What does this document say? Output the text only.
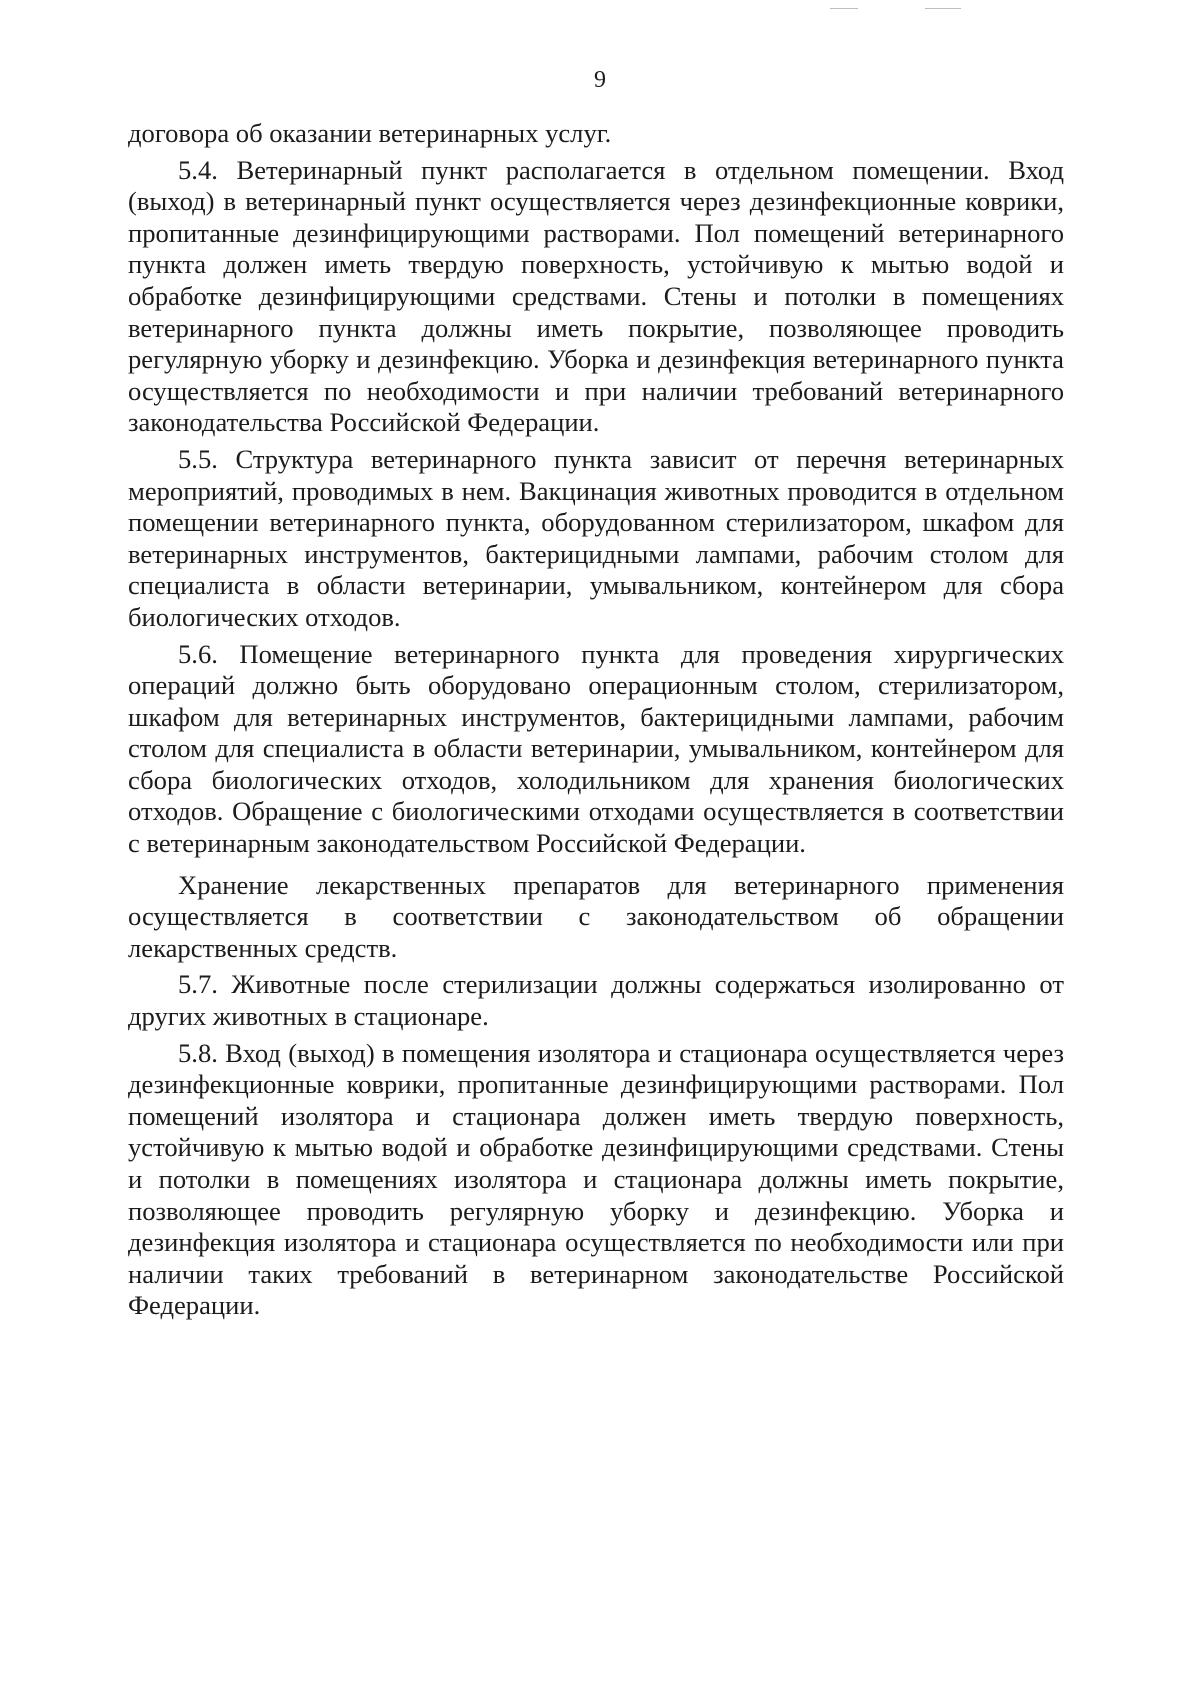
9

договора об оказании ветеринарных услуг.

5.4. Ветеринарный пункт располагается в отдельном помещении. Вход (выход) в ветеринарный пункт осуществляется через дезинфекционные коврики, пропитанные дезинфицирующими растворами. Пол помещений ветеринарного пункта должен иметь твердую поверхность, устойчивую к мытью водой и обработке дезинфицирующими средствами. Стены и потолки в помещениях ветеринарного пункта должны иметь покрытие, позволяющее проводить регулярную уборку и дезинфекцию. Уборка и дезинфекция ветеринарного пункта осуществляется по необходимости и при наличии требований ветеринарного законодательства Российской Федерации.

5.5. Структура ветеринарного пункта зависит от перечня ветеринарных мероприятий, проводимых в нем. Вакцинация животных проводится в отдельном помещении ветеринарного пункта, оборудованном стерилизатором, шкафом для ветеринарных инструментов, бактерицидными лампами, рабочим столом для специалиста в области ветеринарии, умывальником, контейнером для сбора биологических отходов.

5.6. Помещение ветеринарного пункта для проведения хирургических операций должно быть оборудовано операционным столом, стерилизатором, шкафом для ветеринарных инструментов, бактерицидными лампами, рабочим столом для специалиста в области ветеринарии, умывальником, контейнером для сбора биологических отходов, холодильником для хранения биологических отходов. Обращение с биологическими отходами осуществляется в соответствии с ветеринарным законодательством Российской Федерации.

Хранение лекарственных препаратов для ветеринарного применения осуществляется в соответствии с законодательством об обращении лекарственных средств.

5.7. Животные после стерилизации должны содержаться изолированно от других животных в стационаре.

5.8. Вход (выход) в помещения изолятора и стационара осуществляется через дезинфекционные коврики, пропитанные дезинфицирующими растворами. Пол помещений изолятора и стационара должен иметь твердую поверхность, устойчивую к мытью водой и обработке дезинфицирующими средствами. Стены и потолки в помещениях изолятора и стационара должны иметь покрытие, позволяющее проводить регулярную уборку и дезинфекцию. Уборка и дезинфекция изолятора и стационара осуществляется по необходимости или при наличии таких требований в ветеринарном законодательстве Российской Федерации.
